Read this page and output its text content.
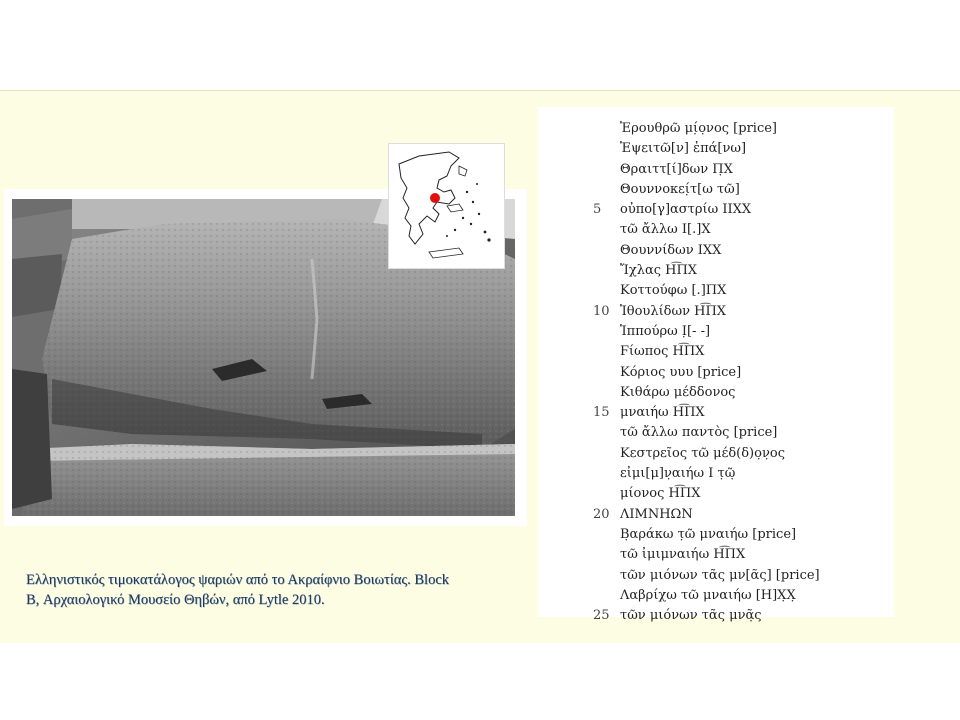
Ἐρουθρῶ μί̣ο̣νος [price]
Ἐψειτῶ[ν] ἐπά[νω]
Θραιττ[ί]δων Π̣Χ
Θουννοκεί̣τ[ω τῶ]
5	οὐπο[γ]αστρίω ΙΙΧΧ
τῶ ἄλλω Ι[.]Χ
Θουννίδων ΙΧΧ
Ἴχλας Η͡ΠΧ
Κοττούφω [.]ΠΧ
10 Ἰθουλίδων Η͡ΠΧ
Ἱππούρω Ι̣[- -]
Ϝίωπος Η͡ΠΧ
Κόριος υυυ [price]
Κιθάρω μέδδονος
15 μναιήω Η͡ΠΧ
τῶ ἄλλω παντὸς [price]
Κεστρεῖος τῶ μέδ(δ)ο̣ν̣ος
εἰμι[μ]ν̣αιήω Ι τ̣ῶ̣
μίονος Η͡ΠΧ
20 ΛΙΜΝΗΩΝ
Β̣αράκω τ̣ῶ μναιήω [price]
τῶ ἰμιμναιήω Η͡ΠΧ
τῶν μιόνων τᾶς μν[ᾶς] [price]
Λαβρίχω τῶ μναιήω [Η]Χ̣Χ̣
25 τῶν μιόνων τᾶς μνᾶ̣ς

Ελληνιστικός τιμοκατάλογος ψαριών από το Ακραίφνιο Βοιωτίας. Block B, Αρχαιολογικό Μουσείο Θηβών, από Lytle 2010.
